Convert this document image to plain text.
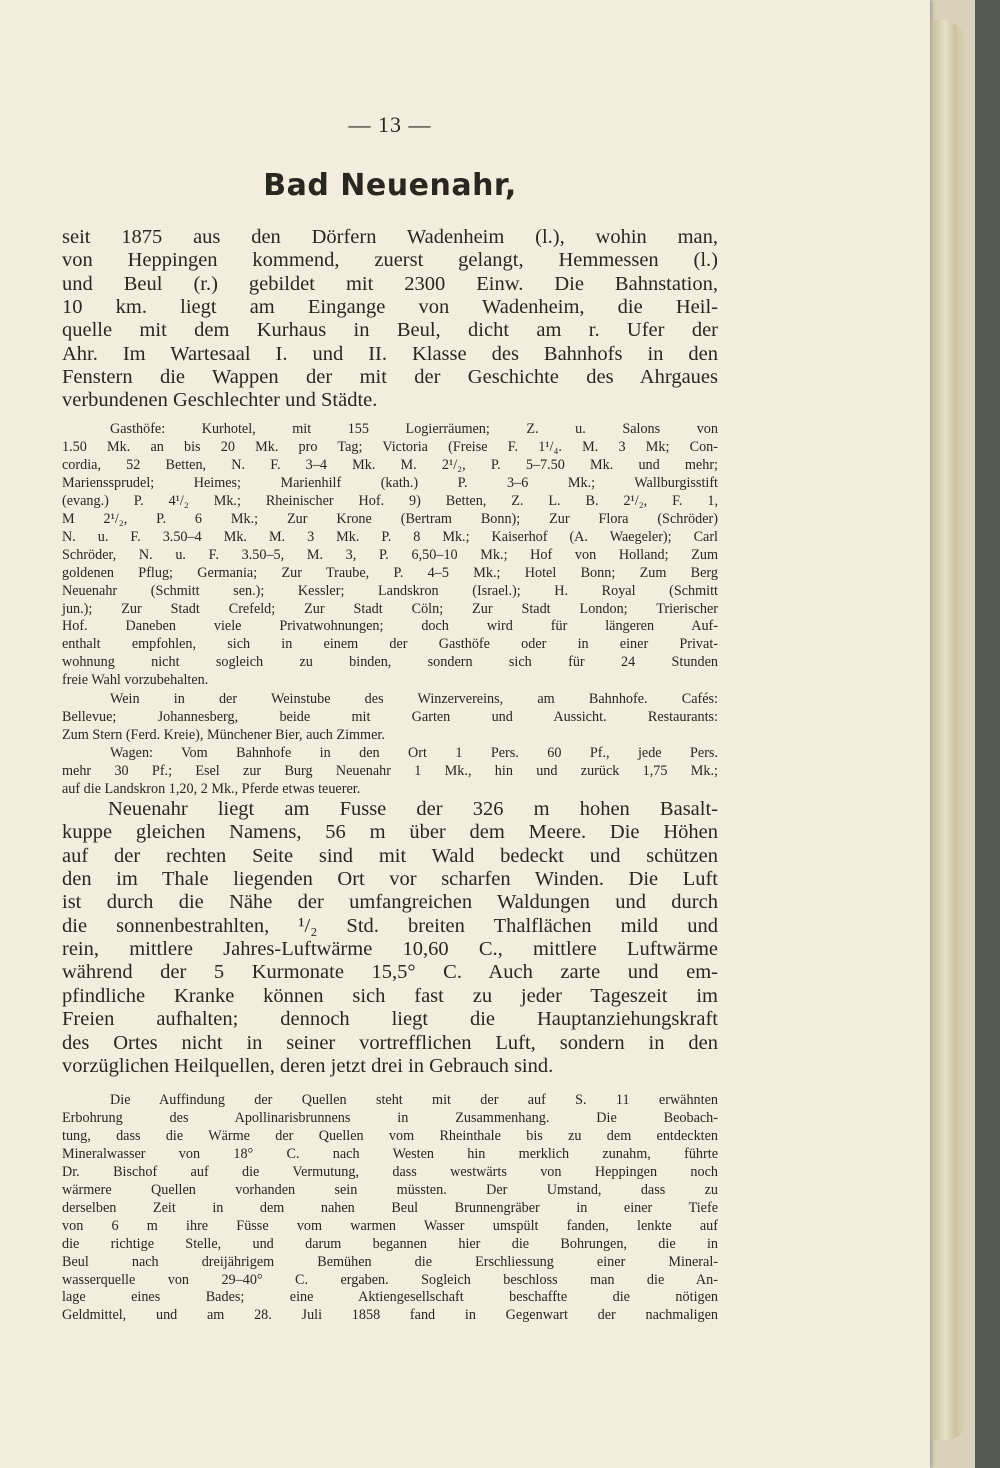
— 13 —
Bad Neuenahr,
seit 1875 aus den Dörfern Wadenheim (l.), wohin man,
von Heppingen kommend, zuerst gelangt, Hemmessen (l.)
und Beul (r.) gebildet mit 2300 Einw. Die Bahnstation,
10 km. liegt am Eingange von Wadenheim, die Heil-
quelle mit dem Kurhaus in Beul, dicht am r. Ufer der
Ahr. Im Wartesaal I. und II. Klasse des Bahnhofs in den
Fenstern die Wappen der mit der Geschichte des Ahrgaues
verbundenen Geschlechter und Städte.
Gasthöfe: Kurhotel, mit 155 Logierräumen; Z. u. Salons von
1.50 Mk. an bis 20 Mk. pro Tag; Victoria (Freise F. 1¹/₄. M. 3 Mk; Con-
cordia, 52 Betten, N. F. 3–4 Mk. M. 2¹/₂, P. 5–7.50 Mk. und mehr;
Marienssprudel; Heimes; Marienhilf (kath.) P. 3–6 Mk.; Wallburgisstift
(evang.) P. 4¹/₂ Mk.; Rheinischer Hof. 9) Betten, Z. L. B. 2¹/₂, F. 1,
M 2¹/₂, P. 6 Mk.; Zur Krone (Bertram Bonn); Zur Flora (Schröder)
N. u. F. 3.50–4 Mk. M. 3 Mk. P. 8 Mk.; Kaiserhof (A. Waegeler); Carl
Schröder, N. u. F. 3.50–5, M. 3, P. 6,50–10 Mk.; Hof von Holland; Zum
goldenen Pflug; Germania; Zur Traube, P. 4–5 Mk.; Hotel Bonn; Zum Berg
Neuenahr (Schmitt sen.); Kessler; Landskron (Israel.); H. Royal (Schmitt
jun.); Zur Stadt Crefeld; Zur Stadt Cöln; Zur Stadt London; Trierischer
Hof. Daneben viele Privatwohnungen; doch wird für längeren Auf-
enthalt empfohlen, sich in einem der Gasthöfe oder in einer Privat-
wohnung nicht sogleich zu binden, sondern sich für 24 Stunden
freie Wahl vorzubehalten.
Wein in der Weinstube des Winzervereins, am Bahnhofe. Cafés:
Bellevue; Johannesberg, beide mit Garten und Aussicht. Restaurants:
Zum Stern (Ferd. Kreie), Münchener Bier, auch Zimmer.
Wagen: Vom Bahnhofe in den Ort 1 Pers. 60 Pf., jede Pers.
mehr 30 Pf.; Esel zur Burg Neuenahr 1 Mk., hin und zurück 1,75 Mk.;
auf die Landskron 1,20, 2 Mk., Pferde etwas teuerer.
Neuenahr liegt am Fusse der 326 m hohen Basalt-
kuppe gleichen Namens, 56 m über dem Meere. Die Höhen
auf der rechten Seite sind mit Wald bedeckt und schützen
den im Thale liegenden Ort vor scharfen Winden. Die Luft
ist durch die Nähe der umfangreichen Waldungen und durch
die sonnenbestrahlten, ¹/₂ Std. breiten Thalflächen mild und
rein, mittlere Jahres-Luftwärme 10,60 C., mittlere Luftwärme
während der 5 Kurmonate 15,5° C. Auch zarte und em-
pfindliche Kranke können sich fast zu jeder Tageszeit im
Freien aufhalten; dennoch liegt die Hauptanziehungskraft
des Ortes nicht in seiner vortrefflichen Luft, sondern in den
vorzüglichen Heilquellen, deren jetzt drei in Gebrauch sind.
Die Auffindung der Quellen steht mit der auf S. 11 erwähnten
Erbohrung des Apollinarisbrunnens in Zusammenhang. Die Beobach-
tung, dass die Wärme der Quellen vom Rheinthale bis zu dem entdeckten
Mineralwasser von 18° C. nach Westen hin merklich zunahm, führte
Dr. Bischof auf die Vermutung, dass westwärts von Heppingen noch
wärmere Quellen vorhanden sein müssten. Der Umstand, dass zu
derselben Zeit in dem nahen Beul Brunnengräber in einer Tiefe
von 6 m ihre Füsse vom warmen Wasser umspült fanden, lenkte auf
die richtige Stelle, und darum begannen hier die Bohrungen, die in
Beul nach dreijährigem Bemühen die Erschliessung einer Mineral-
wasserquelle von 29–40° C. ergaben. Sogleich beschloss man die An-
lage eines Bades; eine Aktiengesellschaft beschaffte die nötigen
Geldmittel, und am 28. Juli 1858 fand in Gegenwart der nachmaligen
